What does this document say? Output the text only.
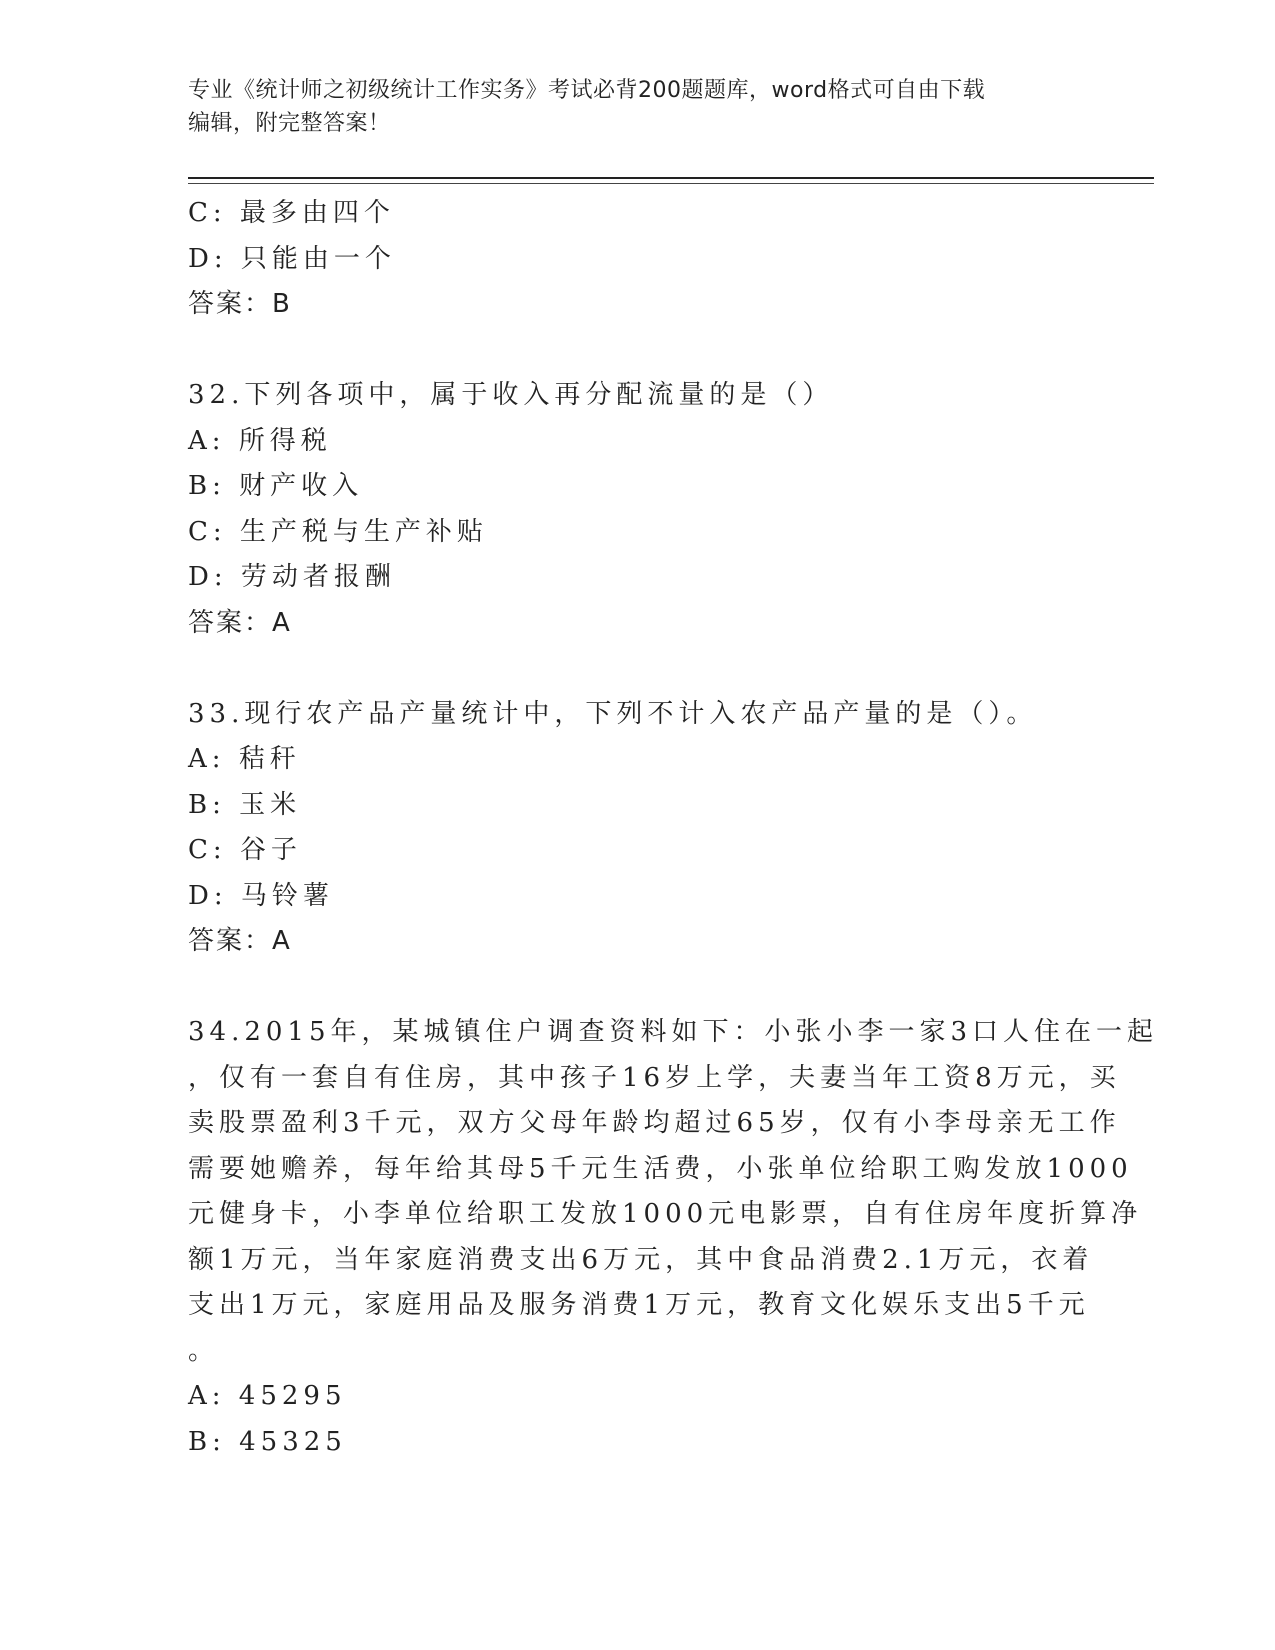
专业《统计师之初级统计工作实务》考试必背200题题库，word格式可自由下载
编辑，附完整答案！
C: 最多由四个
D: 只能由一个
答案：B
32.下列各项中，属于收入再分配流量的是（）
A: 所得税
B: 财产收入
C: 生产税与生产补贴
D: 劳动者报酬
答案：A
33.现行农产品产量统计中，下列不计入农产品产量的是（）。
A: 秸秆
B: 玉米
C: 谷子
D: 马铃薯
答案：A
34.2015年，某城镇住户调查资料如下：小张小李一家3口人住在一起
，仅有一套自有住房，其中孩子16岁上学，夫妻当年工资8万元，买
卖股票盈利3千元，双方父母年龄均超过65岁，仅有小李母亲无工作
需要她赡养，每年给其母5千元生活费，小张单位给职工购发放1000
元健身卡，小李单位给职工发放1000元电影票，自有住房年度折算净
额1万元，当年家庭消费支出6万元，其中食品消费2.1万元，衣着
支出1万元，家庭用品及服务消费1万元，教育文化娱乐支出5千元
。
A: 45295
B: 45325
